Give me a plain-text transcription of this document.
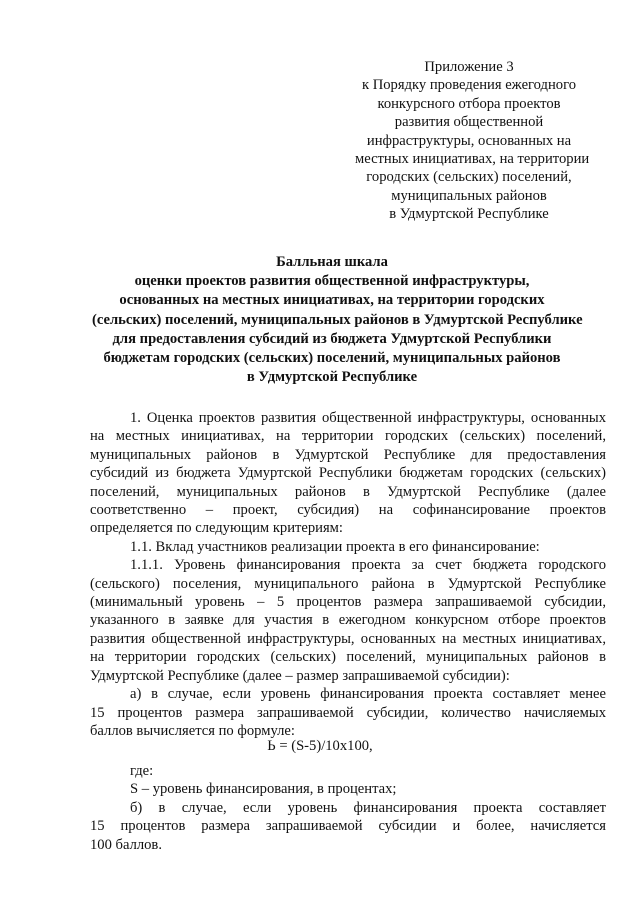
Приложение 3
к Порядку проведения ежегодного
конкурсного отбора проектов
развития общественной
инфраструктуры, основанных на
местных инициативах, на территории
городских (сельских) поселений,
муниципальных районов
в Удмуртской Республике
Балльная шкала
оценки проектов развития общественной инфраструктуры,
основанных на местных инициативах, на территории городских
(сельских) поселений, муниципальных районов в Удмуртской Республике
для предоставления субсидий из бюджета Удмуртской Республики
бюджетам городских (сельских) поселений, муниципальных районов
в Удмуртской Республике
1. Оценка проектов развития общественной инфраструктуры, основанных
на местных инициативах, на территории городских (сельских) поселений,
муниципальных районов в Удмуртской Республике для предоставления
субсидий из бюджета Удмуртской Республики бюджетам городских (сельских)
поселений, муниципальных районов в Удмуртской Республике (далее
соответственно – проект, субсидия) на софинансирование проектов
определяется по следующим критериям:
1.1. Вклад участников реализации проекта в его финансирование:
1.1.1. Уровень финансирования проекта за счет бюджета городского
(сельского) поселения, муниципального района в Удмуртской Республике
(минимальный уровень – 5 процентов размера запрашиваемой субсидии,
указанного в заявке для участия в ежегодном конкурсном отборе проектов
развития общественной инфраструктуры, основанных на местных инициативах,
на территории городских (сельских) поселений, муниципальных районов в
Удмуртской Республике (далее – размер запрашиваемой субсидии):
а) в случае, если уровень финансирования проекта составляет менее
15 процентов размера запрашиваемой субсидии, количество начисляемых
баллов вычисляется по формуле:
Ь = (S-5)/10х100,
где:
S – уровень финансирования, в процентах;
б) в случае, если уровень финансирования проекта составляет
15 процентов размера запрашиваемой субсидии и более, начисляется
100 баллов.
